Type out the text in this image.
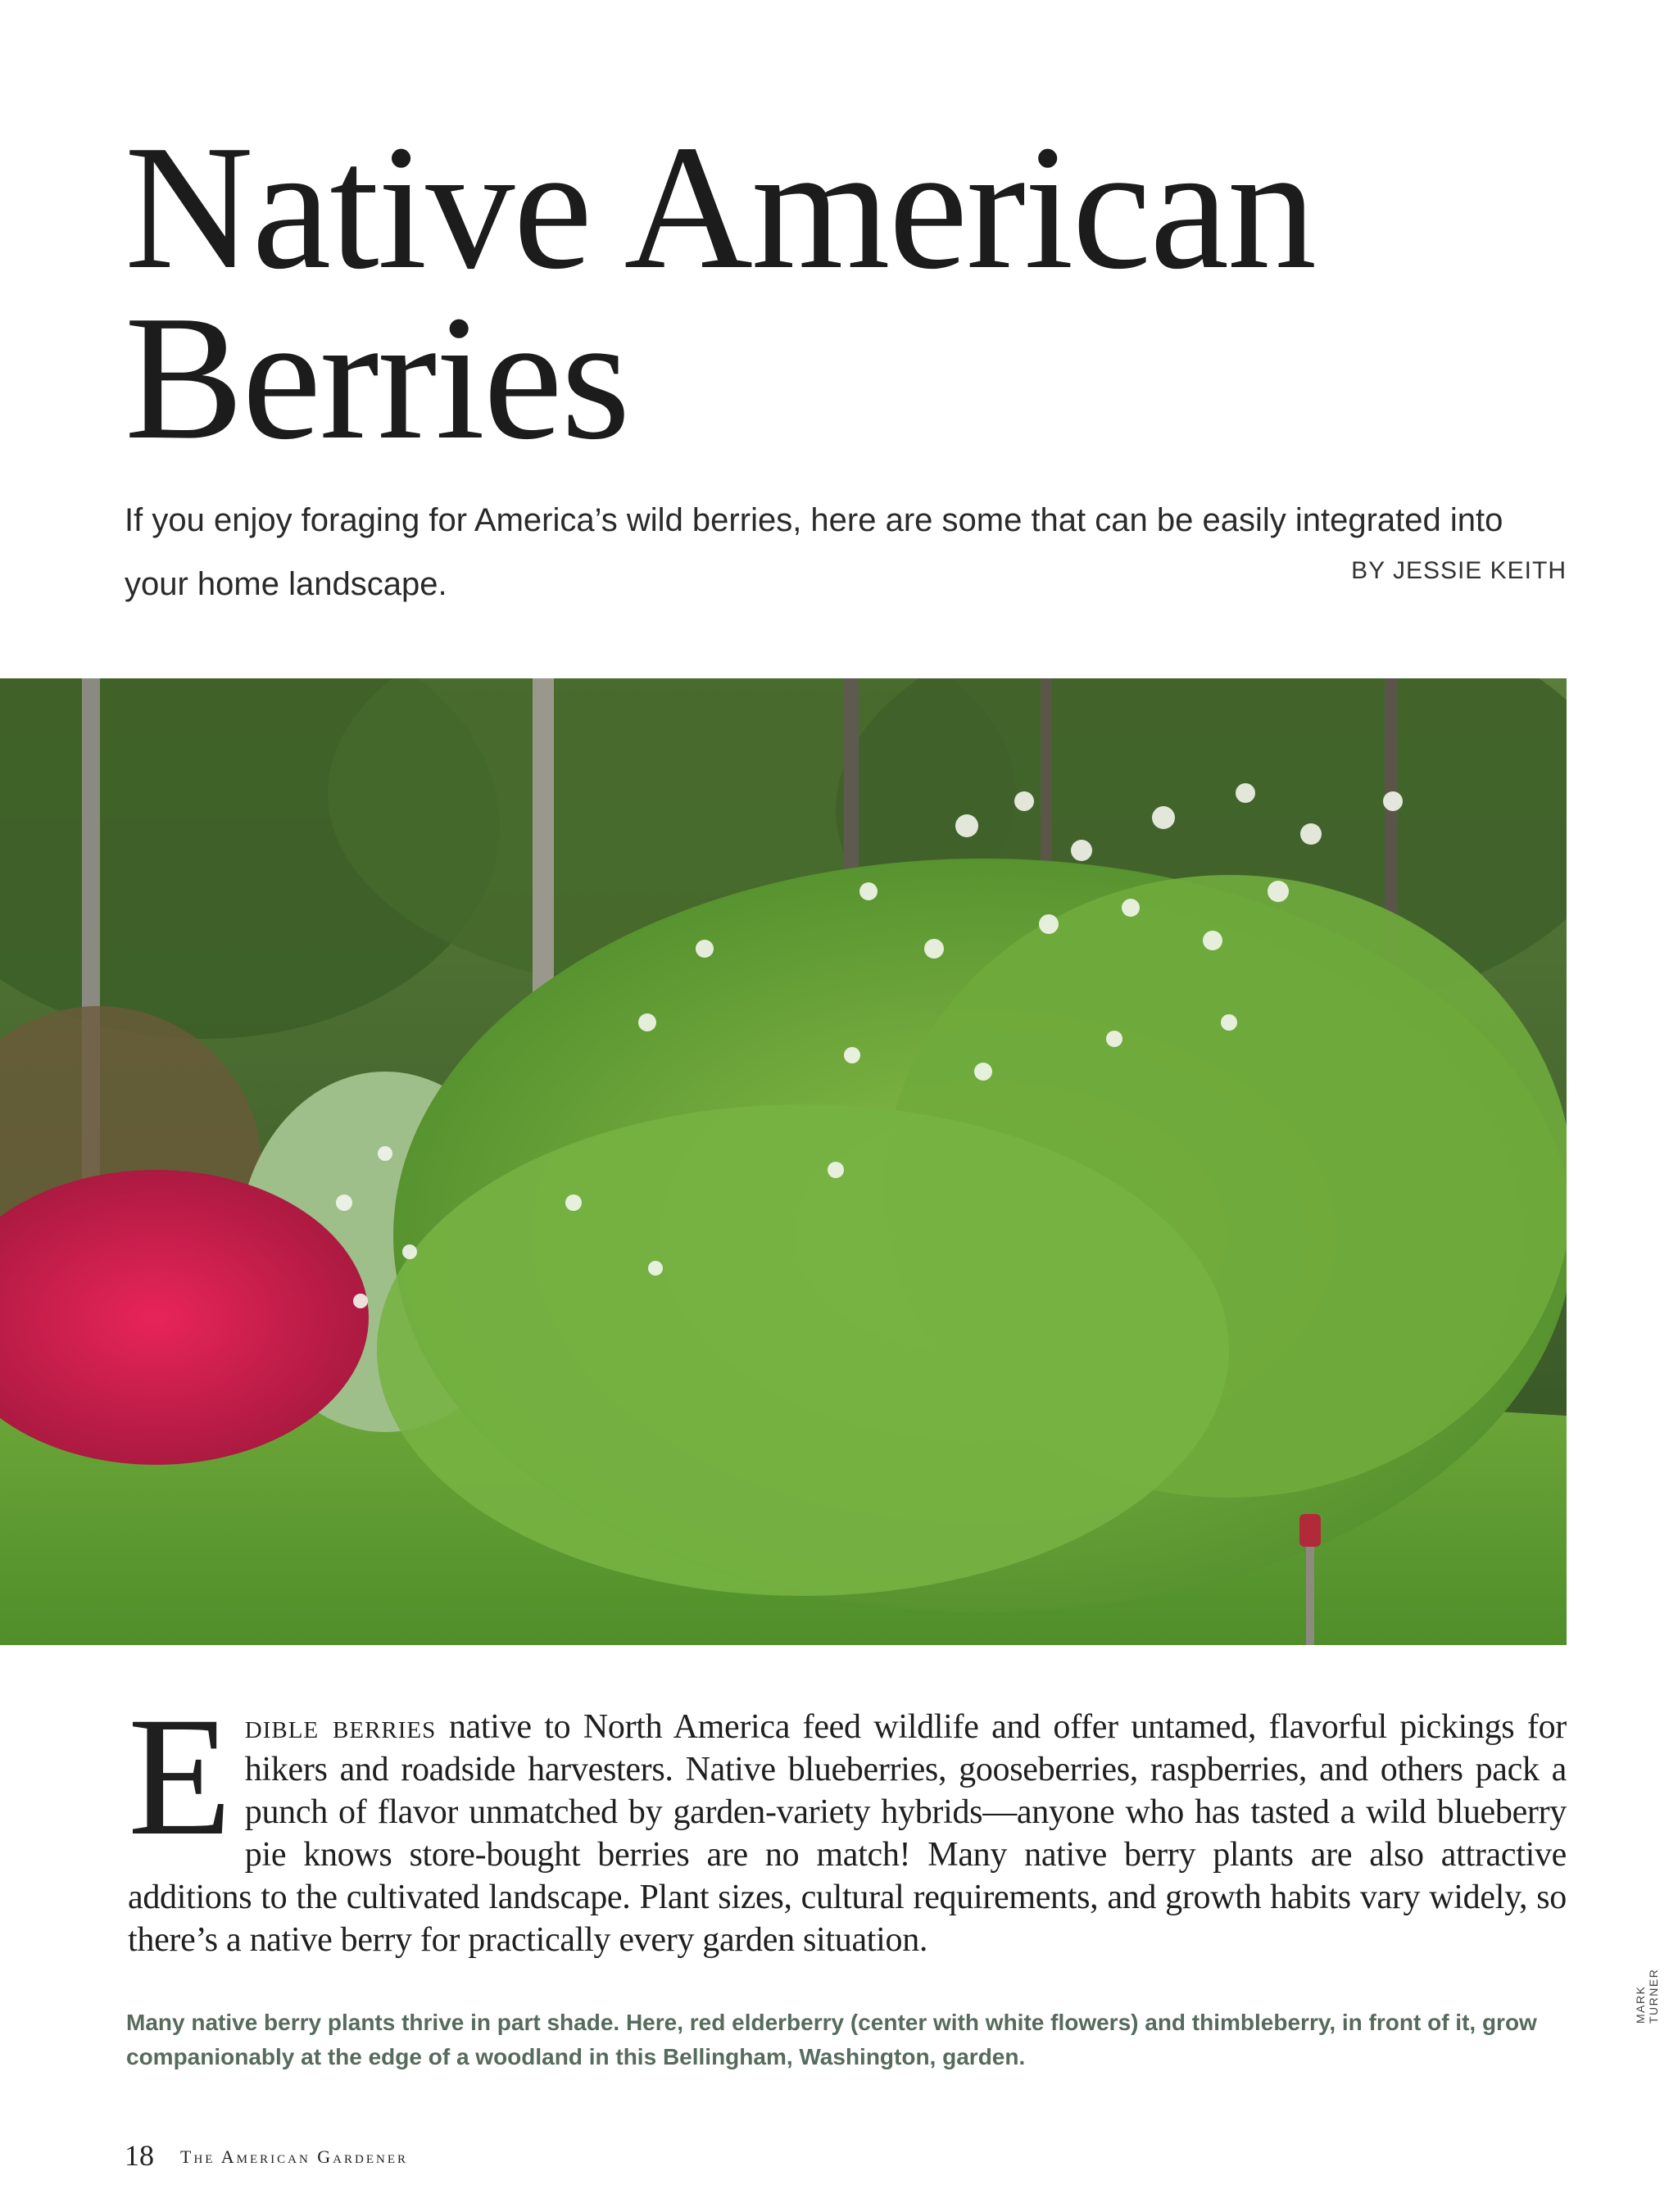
Native American
Berries

If you enjoy foraging for America’s wild berries, here are some that can be easily integrated into your home landscape.	BY JESSIE KEITH
Edible berries native to North America feed wildlife and offer untamed, flavorful pickings for hikers and roadside harvesters. Native blueberries, gooseberries, raspberries, and others pack a punch of flavor unmatched by garden-variety hybrids—anyone who has tasted a wild blueberry pie knows store-bought berries are no match! Many native berry plants are also attractive additions to the cultivated landscape. Plant sizes, cultural requirements, and growth habits vary widely, so there’s a native berry for practically every garden situation.

Many native berry plants thrive in part shade. Here, red elderberry (center with white flowers) and thimbleberry, in front of it, grow companionably at the edge of a woodland in this Bellingham, Washington, garden.

MARK TURNER
18 The American Gardener
